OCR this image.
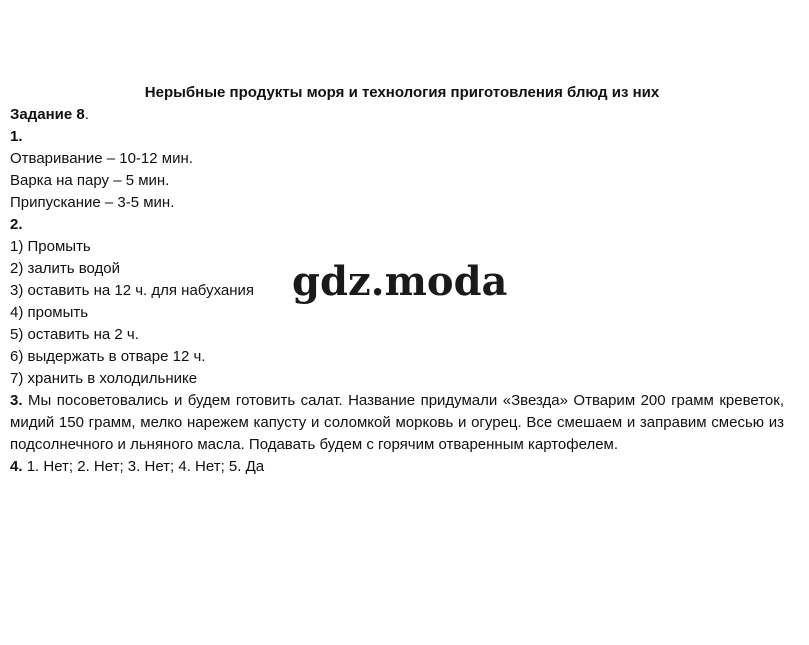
Нерыбные продукты моря и технология приготовления блюд из них

Задание 8.

1.

Отваривание – 10-12 мин.

Варка на пару – 5 мин.

Припускание – 3-5 мин.

2.

1) Промыть

2) залить водой

3) оставить на 12 ч. для набухания

4) промыть

5) оставить на 2 ч.

6) выдержать в отваре 12 ч.

7) хранить в холодильнике

3. Мы посоветовались и будем готовить салат. Название придумали «Звезда» Отварим 200 грамм креветок, мидий 150 грамм, мелко нарежем капусту и соломкой морковь и огурец. Все смешаем и заправим смесью из подсолнечного и льняного масла. Подавать будем с горячим отваренным картофелем.

4. 1. Нет; 2. Нет; 3. Нет; 4. Нет; 5. Да

gdz.moda
